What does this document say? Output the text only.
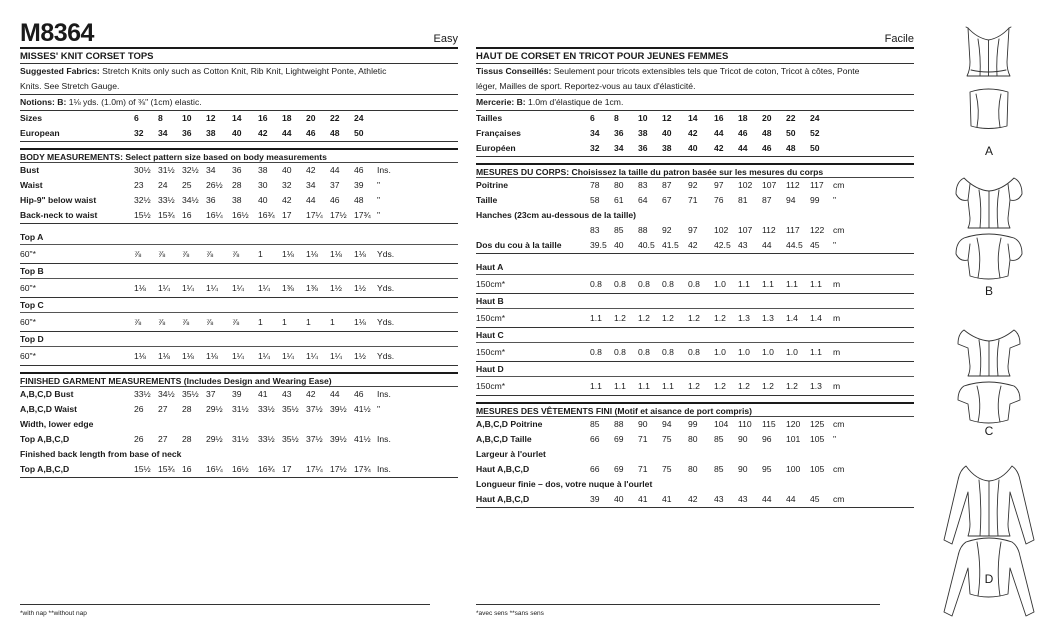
M8364	Easy
MISSES' KNIT CORSET TOPS
Suggested Fabrics: Stretch Knits only such as Cotton Knit, Rib Knit, Lightweight Ponte, Athletic
Knits. See Stretch Gauge.
Notions: B: 1⅛ yds. (1.0m) of ⅜" (1cm) elastic.
Sizes	6 8 10 12 14 16 18 20 22 24
European	32 34 36 38 40 42 44 46 48 50
BODY MEASUREMENTS: Select pattern size based on body measurements
Bust	30½ 31½ 32½ 34 36 38 40 42 44 46 Ins.
Waist	23 24 25 26½ 28 30 32 34 37 39 "
Hip-9" below waist	32½ 33½ 34½ 36 38 40 42 44 46 48 "
Back-neck to waist	15½ 15¾ 16 16¼ 16½ 16¾ 17 17¼ 17½ 17¾ "
Top A
60"*	⅞ ⅞ ⅞ ⅞ ⅞ 1 1⅛ 1⅛ 1⅛ 1⅛ Yds.
Top B
60"*	1⅛ 1¼ 1¼ 1¼ 1¼ 1¼ 1⅜ 1⅜ 1½ 1½ Yds.
Top C
60"*	⅞ ⅞ ⅞ ⅞ ⅞ 1 1 1 1 1⅛ Yds.
Top D
60"*	1⅛ 1⅛ 1⅛ 1⅛ 1¼ 1¼ 1¼ 1¼ 1¼ 1½ Yds.
FINISHED GARMENT MEASUREMENTS (Includes Design and Wearing Ease)
A,B,C,D Bust	33½ 34½ 35½ 37 39 41 43 42 44 46 Ins.
A,B,C,D Waist	26 27 28 29½ 31½ 33½ 35½ 37½ 39½ 41½ "
Width, lower edge
Top A,B,C,D	26 27 28 29½ 31½ 33½ 35½ 37½ 39½ 41½ Ins.
Finished back length from base of neck
Top A,B,C,D	15½ 15¾ 16 16¼ 16½ 16¾ 17 17¼ 17½ 17¾ Ins.
Facile
HAUT DE CORSET EN TRICOT POUR JEUNES FEMMES
Tissus Conseillés: Seulement pour tricots extensibles tels que Tricot de coton, Tricot à côtes, Ponte
léger, Mailles de sport. Reportez-vous au taux d'élasticité.
Mercerie: B: 1.0m d'élastique de 1cm.
Tailles	6 8 10 12 14 16 18 20 22 24
Françaises	34 36 38 40 42 44 46 48 50 52
Européen	32 34 36 38 40 42 44 46 48 50
MESURES DU CORPS: Choisissez la taille du patron basée sur les mesures du corps
Poitrine	78 80 83 87 92 97 102 107 112 117 cm
Taille	58 61 64 67 71 76 81 87 94 99 "
Hanches (23cm au-dessous de la taille)
83 85 88 92 97 102 107 112 117 122 cm
Dos du cou à la taille	39.5 40 40.5 41.5 42 42.5 43 44 44.5 45 "
Haut A
150cm*	0.8 0.8 0.8 0.8 0.8 1.0 1.1 1.1 1.1 1.1 m
Haut B
150cm*	1.1 1.2 1.2 1.2 1.2 1.2 1.3 1.3 1.4 1.4 m
Haut C
150cm*	0.8 0.8 0.8 0.8 0.8 1.0 1.0 1.0 1.0 1.1 m
Haut D
150cm*	1.1 1.1 1.1 1.1 1.2 1.2 1.2 1.2 1.2 1.3 m
MESURES DES VÊTEMENTS FINI (Motif et aisance de port compris)
A,B,C,D Poitrine	85 88 90 94 99 104 110 115 120 125 cm
A,B,C,D Taille	66 69 71 75 80 85 90 96 101 105 "
Largeur à l'ourlet
Haut A,B,C,D	66 69 71 75 80 85 90 95 100 105 cm
Longueur finie – dos, votre nuque à l'ourlet
Haut A,B,C,D	39 40 41 41 42 43 43 44 44 45 cm
*with nap **without nap	*avec sens **sans sens
A
B
C
D
